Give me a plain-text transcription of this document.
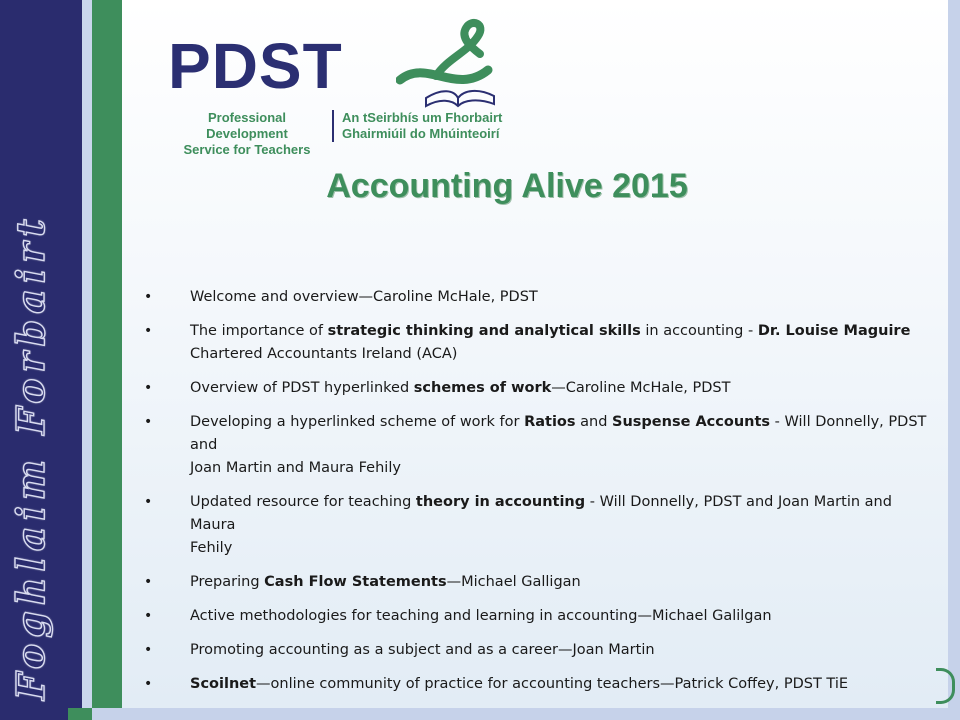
Foghlaim Forbairt
PDST
Professional Development
Service for Teachers
An tSeirbhís um Fhorbairt
Ghairmiúil do Mhúinteoirí
Accounting Alive 2015
•	Welcome and overview—Caroline McHale, PDST
•	The importance of strategic thinking and analytical skills in accounting - Dr. Louise Maguire
Chartered Accountants Ireland (ACA)
•	Overview of PDST hyperlinked schemes of work—Caroline McHale, PDST
•	Developing a hyperlinked scheme of work for Ratios and Suspense Accounts - Will Donnelly, PDST and
Joan Martin and Maura Fehily
•	Updated resource for teaching theory in accounting - Will Donnelly, PDST and Joan Martin and Maura
Fehily
•	Preparing Cash Flow Statements—Michael Galligan
•	Active methodologies for teaching and learning in accounting—Michael Galilgan
•	Promoting accounting as a subject and as a career—Joan Martin
•	Scoilnet—online community of practice for accounting teachers—Patrick Coffey, PDST TiE
